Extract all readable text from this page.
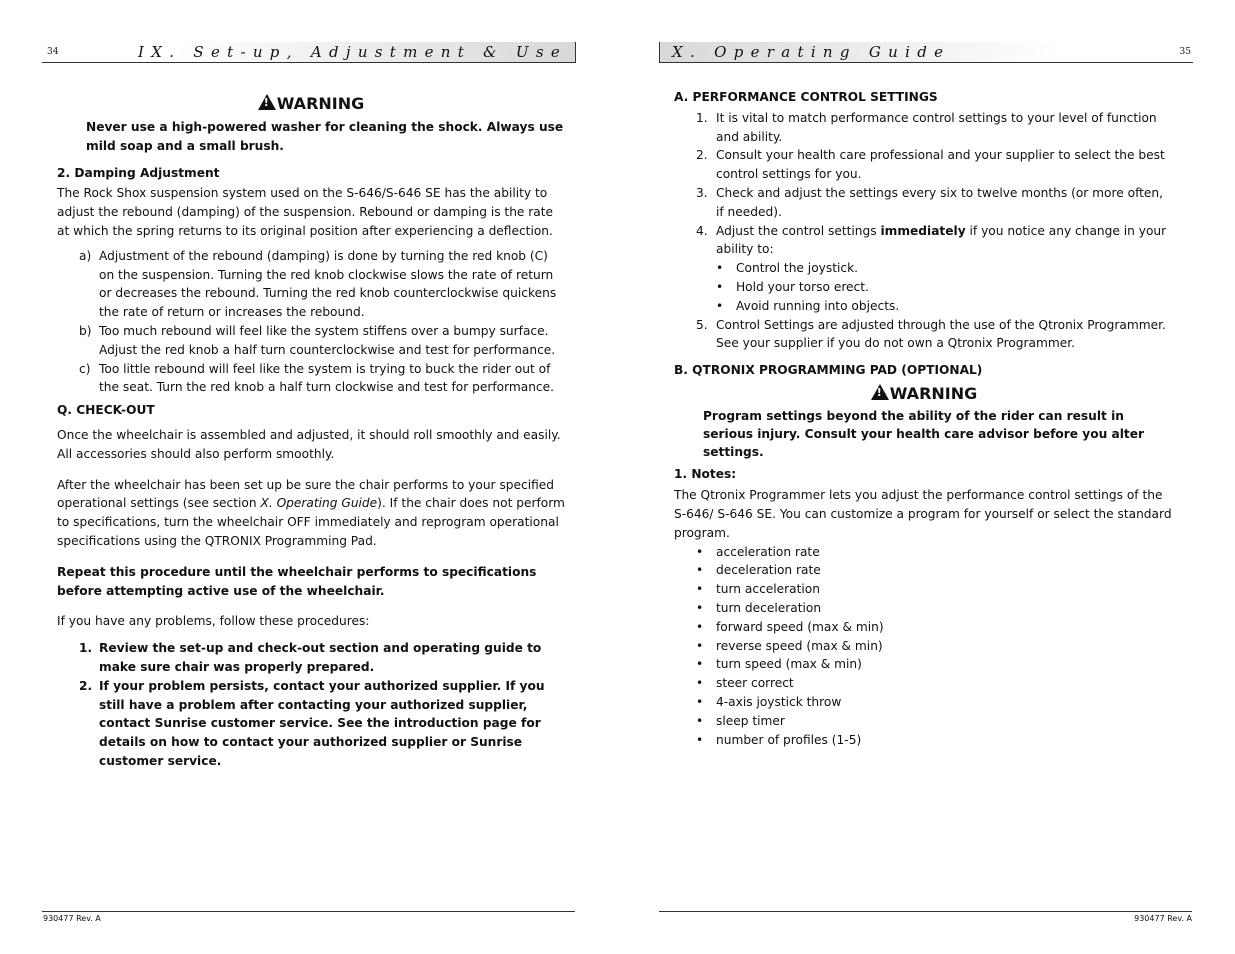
34	IX. Set-up, Adjustment & Use
!WARNING

Never use a high-powered washer for cleaning the shock. Always use mild soap and a small brush.

2. Damping Adjustment

The Rock Shox suspension system used on the S-646/S-646 SE has the ability to adjust the rebound (damping) of the suspension. Rebound or damping is the rate at which the spring returns to its original position after experiencing a deflection.

a) Adjustment of the rebound (damping) is done by turning the red knob (C) on the suspension. Turning the red knob clockwise slows the rate of return or decreases the rebound. Turning the red knob counterclockwise quickens the rate of return or increases the rebound.
b) Too much rebound will feel like the system stiffens over a bumpy surface. Adjust the red knob a half turn counterclockwise and test for performance.
c) Too little rebound will feel like the system is trying to buck the rider out of the seat. Turn the red knob a half turn clockwise and test for performance.

Q. CHECK-OUT

Once the wheelchair is assembled and adjusted, it should roll smoothly and easily. All accessories should also perform smoothly.

After the wheelchair has been set up be sure the chair performs to your specified operational settings (see section X. Operating Guide). If the chair does not perform to specifications, turn the wheelchair OFF immediately and reprogram operational specifications using the QTRONIX Programming Pad.

Repeat this procedure until the wheelchair performs to specifications before attempting active use of the wheelchair.

If you have any problems, follow these procedures:

1. Review the set-up and check-out section and operating guide to make sure chair was properly prepared.
2. If your problem persists, contact your authorized supplier. If you still have a problem after contacting your authorized supplier, contact Sunrise customer service. See the introduction page for details on how to contact your authorized supplier or Sunrise customer service.
930477 Rev. A
X. Operating Guide	35

A. PERFORMANCE CONTROL SETTINGS

1. It is vital to match performance control settings to your level of function and ability.
2. Consult your health care professional and your supplier to select the best control settings for you.
3. Check and adjust the settings every six to twelve months (or more often, if needed).
4. Adjust the control settings immediately if you notice any change in your ability to:
• Control the joystick.
• Hold your torso erect.
• Avoid running into objects.
5. Control Settings are adjusted through the use of the Qtronix Programmer. See your supplier if you do not own a Qtronix Programmer.

B. QTRONIX PROGRAMMING PAD (OPTIONAL)

!WARNING

Program settings beyond the ability of the rider can result in serious injury. Consult your health care advisor before you alter settings.

1. Notes:

The Qtronix Programmer lets you adjust the performance control settings of the S-646/ S-646 SE. You can customize a program for yourself or select the standard program.

• acceleration rate
• deceleration rate
• turn acceleration
• turn deceleration
• forward speed (max & min)
• reverse speed (max & min)
• turn speed (max & min)
• steer correct
• 4-axis joystick throw
• sleep timer
• number of profiles (1-5)
930477 Rev. A
